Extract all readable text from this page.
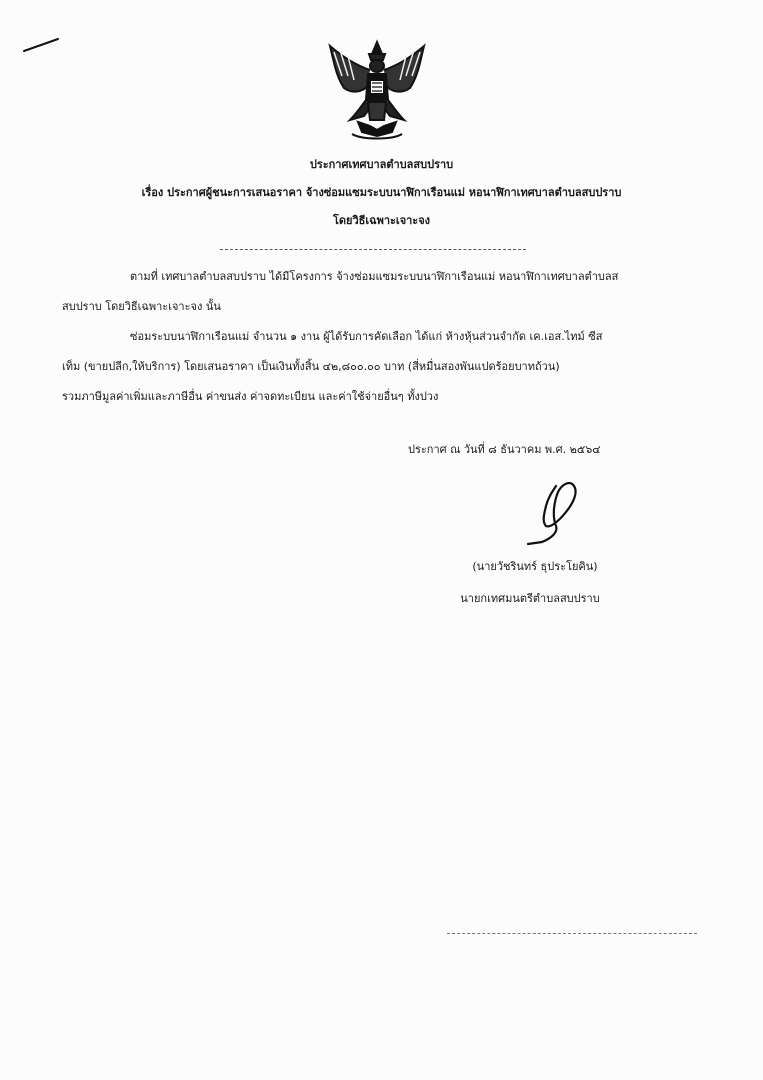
ประกาศเทศบาลตำบลสบปราบ
เรื่อง ประกาศผู้ชนะการเสนอราคา จ้างซ่อมแซมระบบนาฬิกาเรือนแม่ หอนาฬิกาเทศบาลตำบลสบปราบ
โดยวิธีเฉพาะเจาะจง
ตามที่ เทศบาลตำบลสบปราบ ได้มีโครงการ จ้างซ่อมแซมระบบนาฬิกาเรือนแม่ หอนาฬิกาเทศบาลตำบลส
สบปราบ โดยวิธีเฉพาะเจาะจง นั้น
ซ่อมระบบนาฬิกาเรือนแม่ จำนวน ๑ งาน ผู้ได้รับการคัดเลือก ได้แก่ ห้างหุ้นส่วนจำกัด เค.เอส.ไทม์ ซีส
เท็ม (ขายปลีก,ให้บริการ) โดยเสนอราคา เป็นเงินทั้งสิ้น ๔๒,๘๐๐.๐๐ บาท (สี่หมื่นสองพันแปดร้อยบาทถ้วน)
รวมภาษีมูลค่าเพิ่มและภาษีอื่น ค่าขนส่ง ค่าจดทะเบียน และค่าใช้จ่ายอื่นๆ ทั้งปวง
ประกาศ ณ วันที่ ๘ ธันวาคม พ.ศ. ๒๕๖๔
(นายวัชรินทร์ ธุประโยคิน)
นายกเทศมนตรีตำบลสบปราบ
